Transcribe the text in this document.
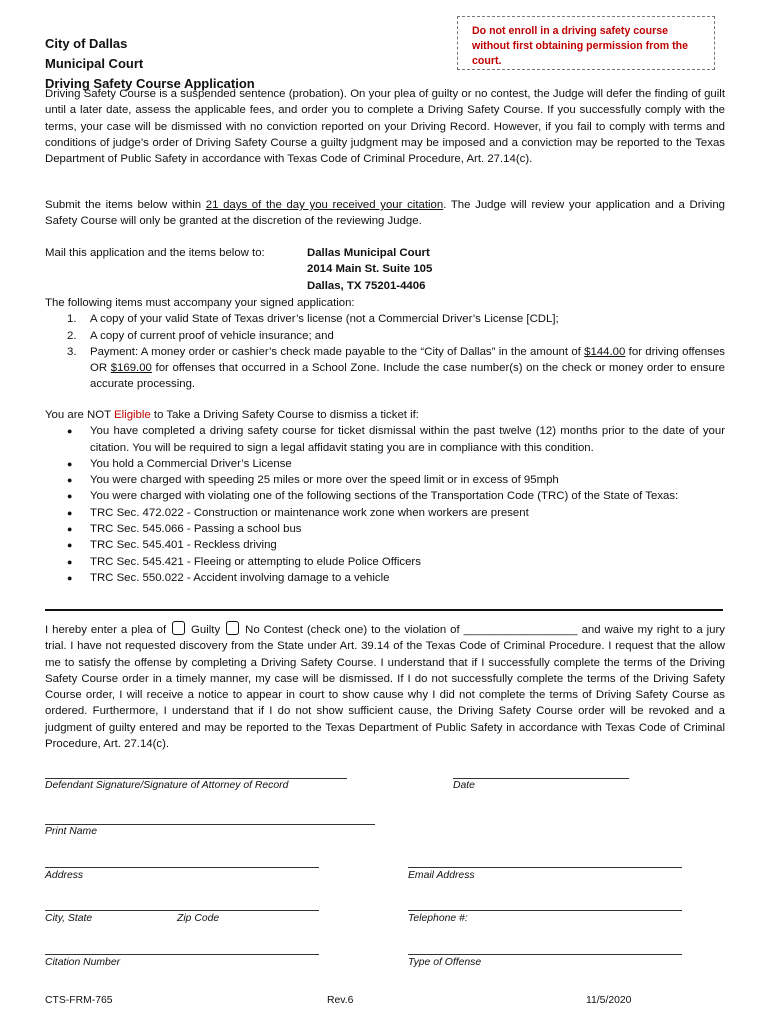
Do not enroll in a driving safety course without first obtaining permission from the court.
City of Dallas
Municipal Court
Driving Safety Course Application
Driving Safety Course is a suspended sentence (probation). On your plea of guilty or no contest, the Judge will defer the finding of guilt until a later date, assess the applicable fees, and order you to complete a Driving Safety Course. If you successfully comply with the terms, your case will be dismissed with no conviction reported on your Driving Record. However, if you fail to comply with terms and conditions of judge’s order of Driving Safety Course a guilty judgment may be imposed and a conviction may be reported to the Texas Department of Public Safety in accordance with Texas Code of Criminal Procedure, Art. 27.14(c).
Submit the items below within 21 days of the day you received your citation. The Judge will review your application and a Driving Safety Course will only be granted at the discretion of the reviewing Judge.
Mail this application and the items below to:	Dallas Municipal Court
2014 Main St. Suite 105
Dallas, TX 75201-4406
The following items must accompany your signed application:
1. A copy of your valid State of Texas driver’s license (not a Commercial Driver’s License [CDL];
2. A copy of current proof of vehicle insurance; and
3. Payment: A money order or cashier’s check made payable to the “City of Dallas” in the amount of $144.00 for driving offenses OR $169.00 for offenses that occurred in a School Zone. Include the case number(s) on the check or money order to ensure accurate processing.
You are NOT Eligible to Take a Driving Safety Course to dismiss a ticket if:
● You have completed a driving safety course for ticket dismissal within the past twelve (12) months prior to the date of your citation. You will be required to sign a legal affidavit stating you are in compliance with this condition.
● You hold a Commercial Driver’s License
● You were charged with speeding 25 miles or more over the speed limit or in excess of 95mph
● You were charged with violating one of the following sections of the Transportation Code (TRC) of the State of Texas:
● TRC Sec. 472.022 - Construction or maintenance work zone when workers are present
● TRC Sec. 545.066 - Passing a school bus
● TRC Sec. 545.401 - Reckless driving
● TRC Sec. 545.421 - Fleeing or attempting to elude Police Officers
● TRC Sec. 550.022 - Accident involving damage to a vehicle
I hereby enter a plea of  Guilty  No Contest (check one) to the violation of __________________ and waive my right to a jury trial. I have not requested discovery from the State under Art. 39.14 of the Texas Code of Criminal Procedure. I request that the allow me to satisfy the offense by completing a Driving Safety Course. I understand that if I successfully complete the terms of the Driving Safety Course order in a timely manner, my case will be dismissed. If I do not successfully complete the terms of the Driving Safety Course order, I will receive a notice to appear in court to show cause why I did not complete the terms of Driving Safety Course as ordered. Furthermore, I understand that if I do not show sufficient cause, the Driving Safety Course order will be revoked and a judgment of guilty entered and may be reported to the Texas Department of Public Safety in accordance with Texas Code of Criminal Procedure, Art. 27.14(c).
Defendant Signature/Signature of Attorney of Record	Date
Print Name
Address	Email Address
City, State	Zip Code	Telephone #:
Citation Number	Type of Offense
CTS-FRM-765	Rev.6	11/5/2020
